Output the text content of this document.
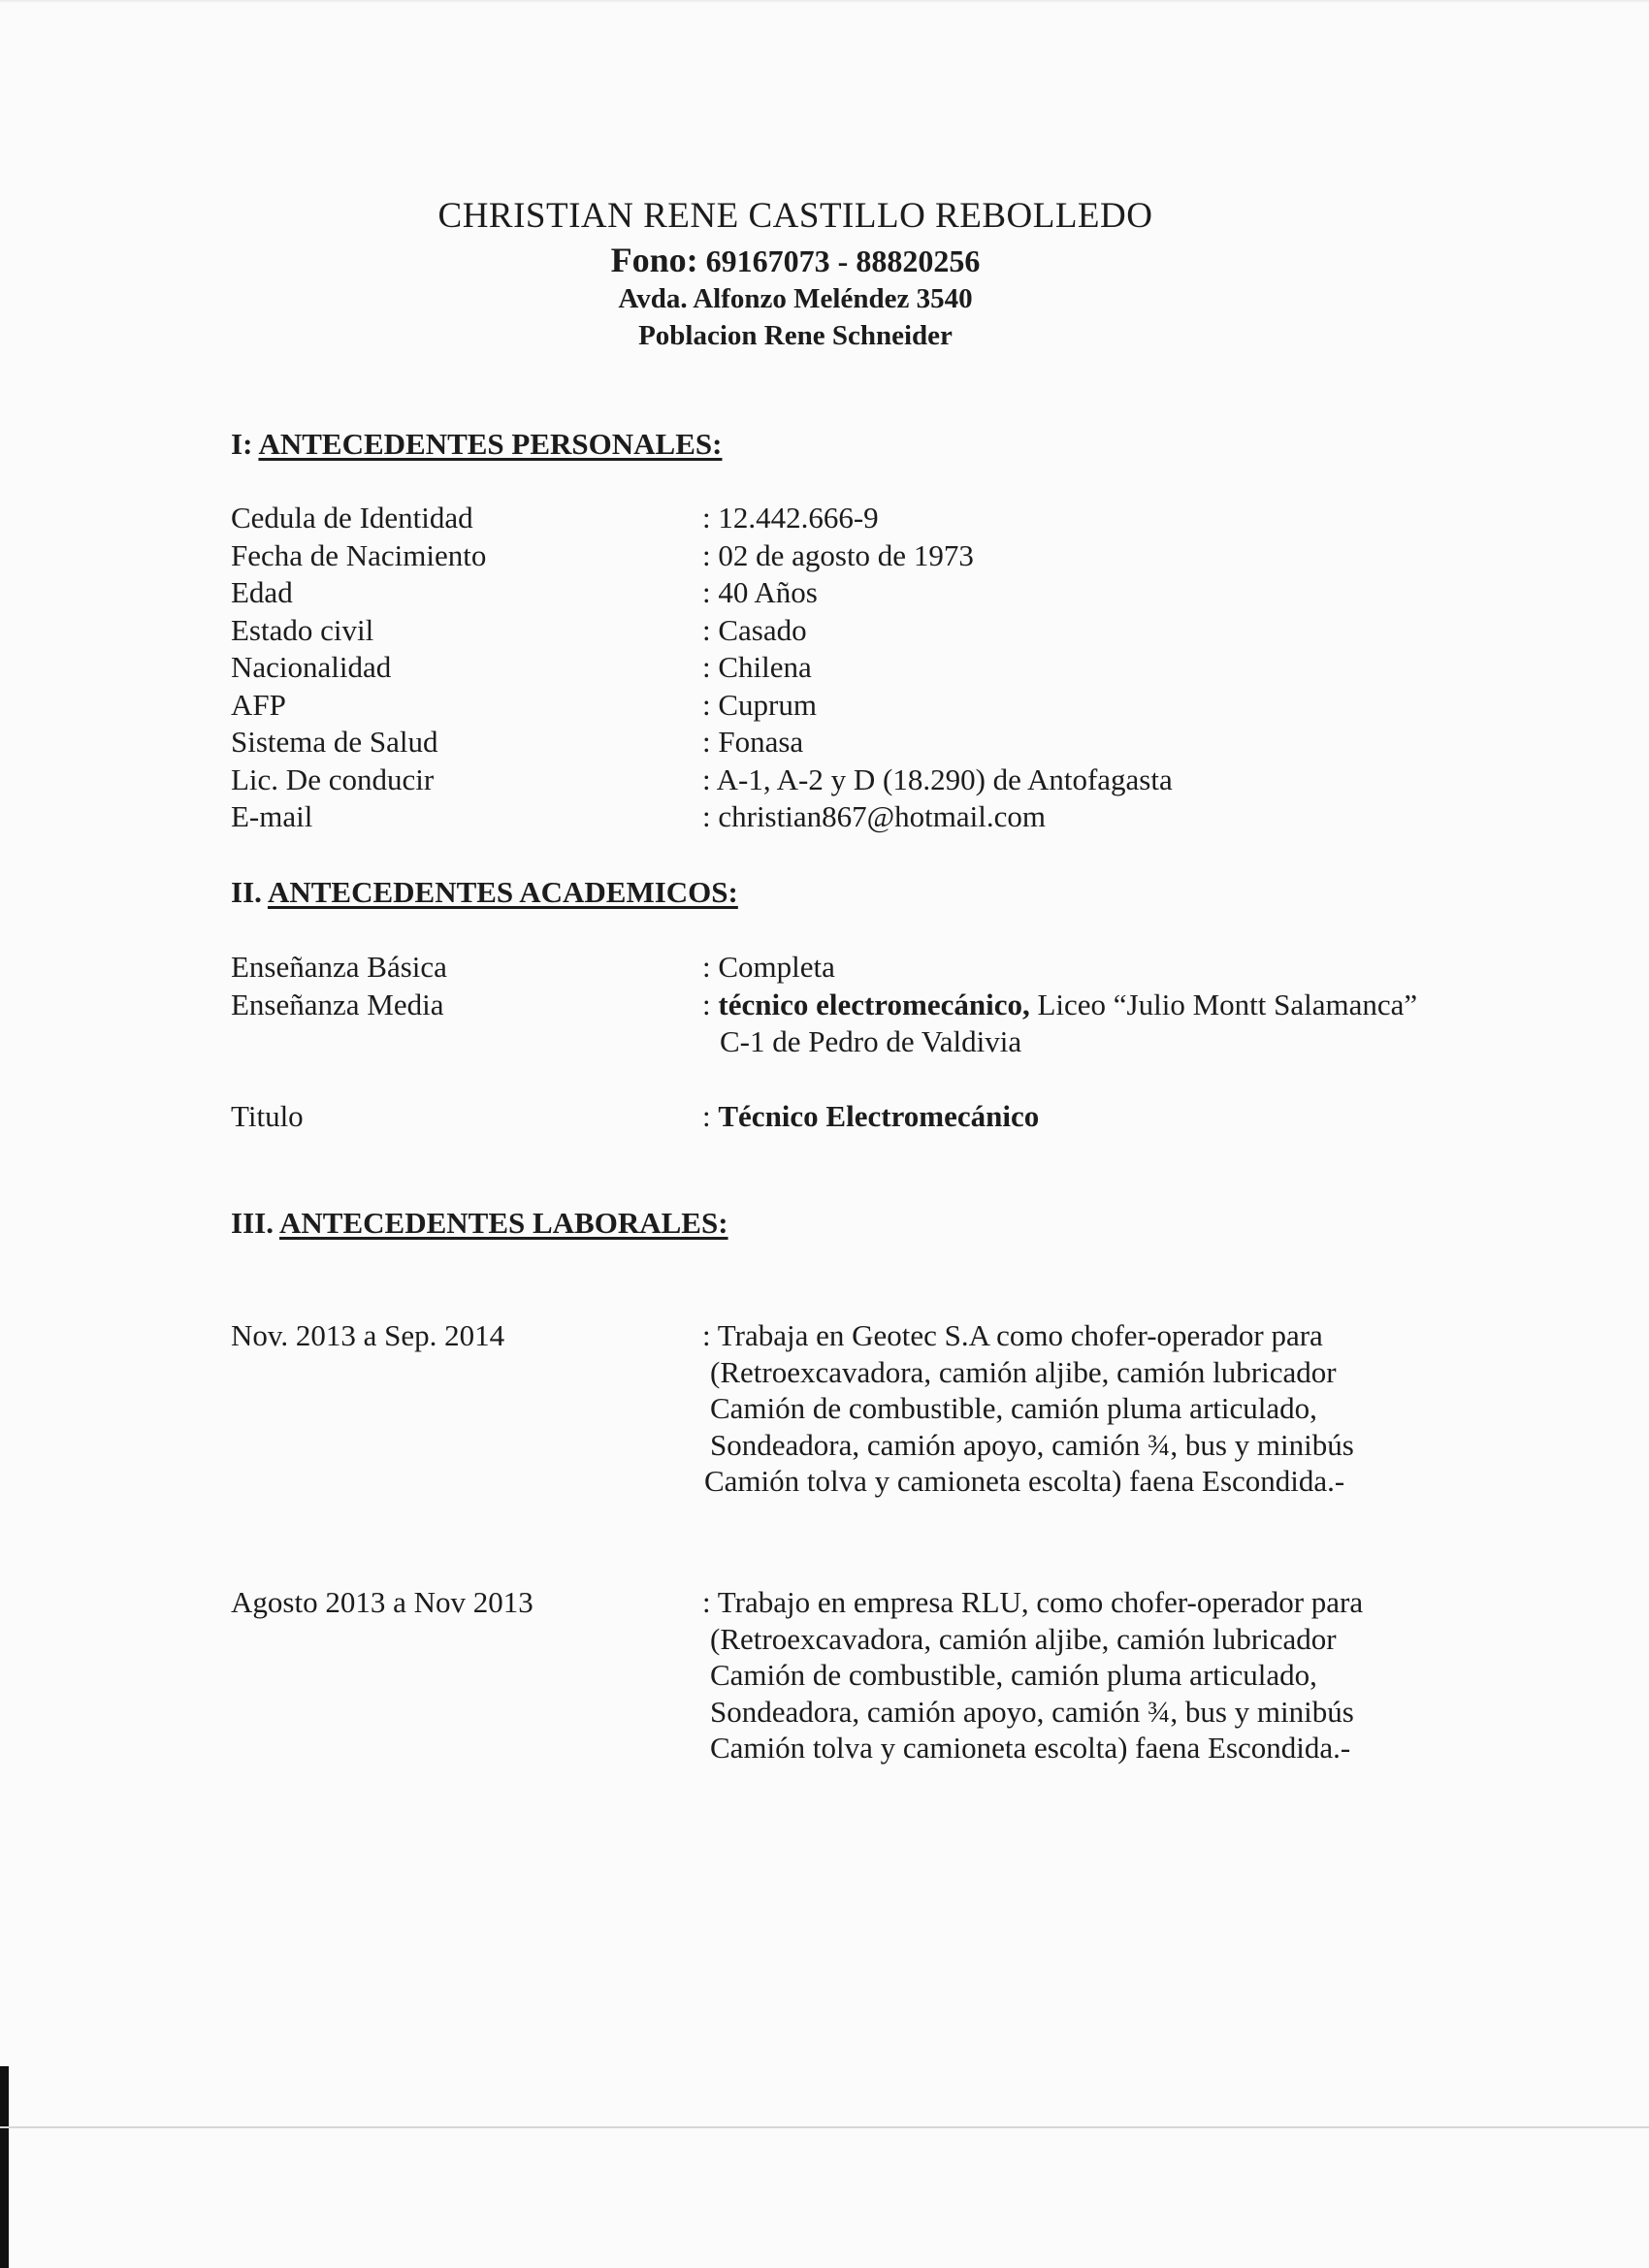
CHRISTIAN RENE CASTILLO REBOLLEDO
Fono: 69167073 - 88820256
Avda. Alfonzo Meléndez 3540
Poblacion Rene Schneider
I: ANTECEDENTES PERSONALES:
Cedula de Identidad	: 12.442.666-9
Fecha de Nacimiento	: 02 de agosto de 1973
Edad	: 40 Años
Estado civil	: Casado
Nacionalidad	: Chilena
AFP	: Cuprum
Sistema de Salud	: Fonasa
Lic. De conducir	: A-1, A-2 y D (18.290) de Antofagasta
E-mail	: christian867@hotmail.com
II. ANTECEDENTES ACADEMICOS:
Enseñanza Básica	: Completa
Enseñanza Media	: técnico electromecánico, Liceo “Julio Montt Salamanca”
C-1 de Pedro de Valdivia
Titulo	: Técnico Electromecánico
III. ANTECEDENTES LABORALES:
Nov. 2013 a Sep. 2014	: Trabaja en Geotec S.A como chofer-operador para
(Retroexcavadora, camión aljibe, camión lubricador
Camión de combustible, camión pluma articulado,
Sondeadora, camión apoyo, camión ¾, bus y minibús
Camión tolva y camioneta escolta) faena Escondida.-
Agosto 2013 a Nov 2013	: Trabajo en empresa RLU, como chofer-operador para
(Retroexcavadora, camión aljibe, camión lubricador
Camión de combustible, camión pluma articulado,
Sondeadora, camión apoyo, camión ¾, bus y minibús
Camión tolva y camioneta escolta) faena Escondida.-
